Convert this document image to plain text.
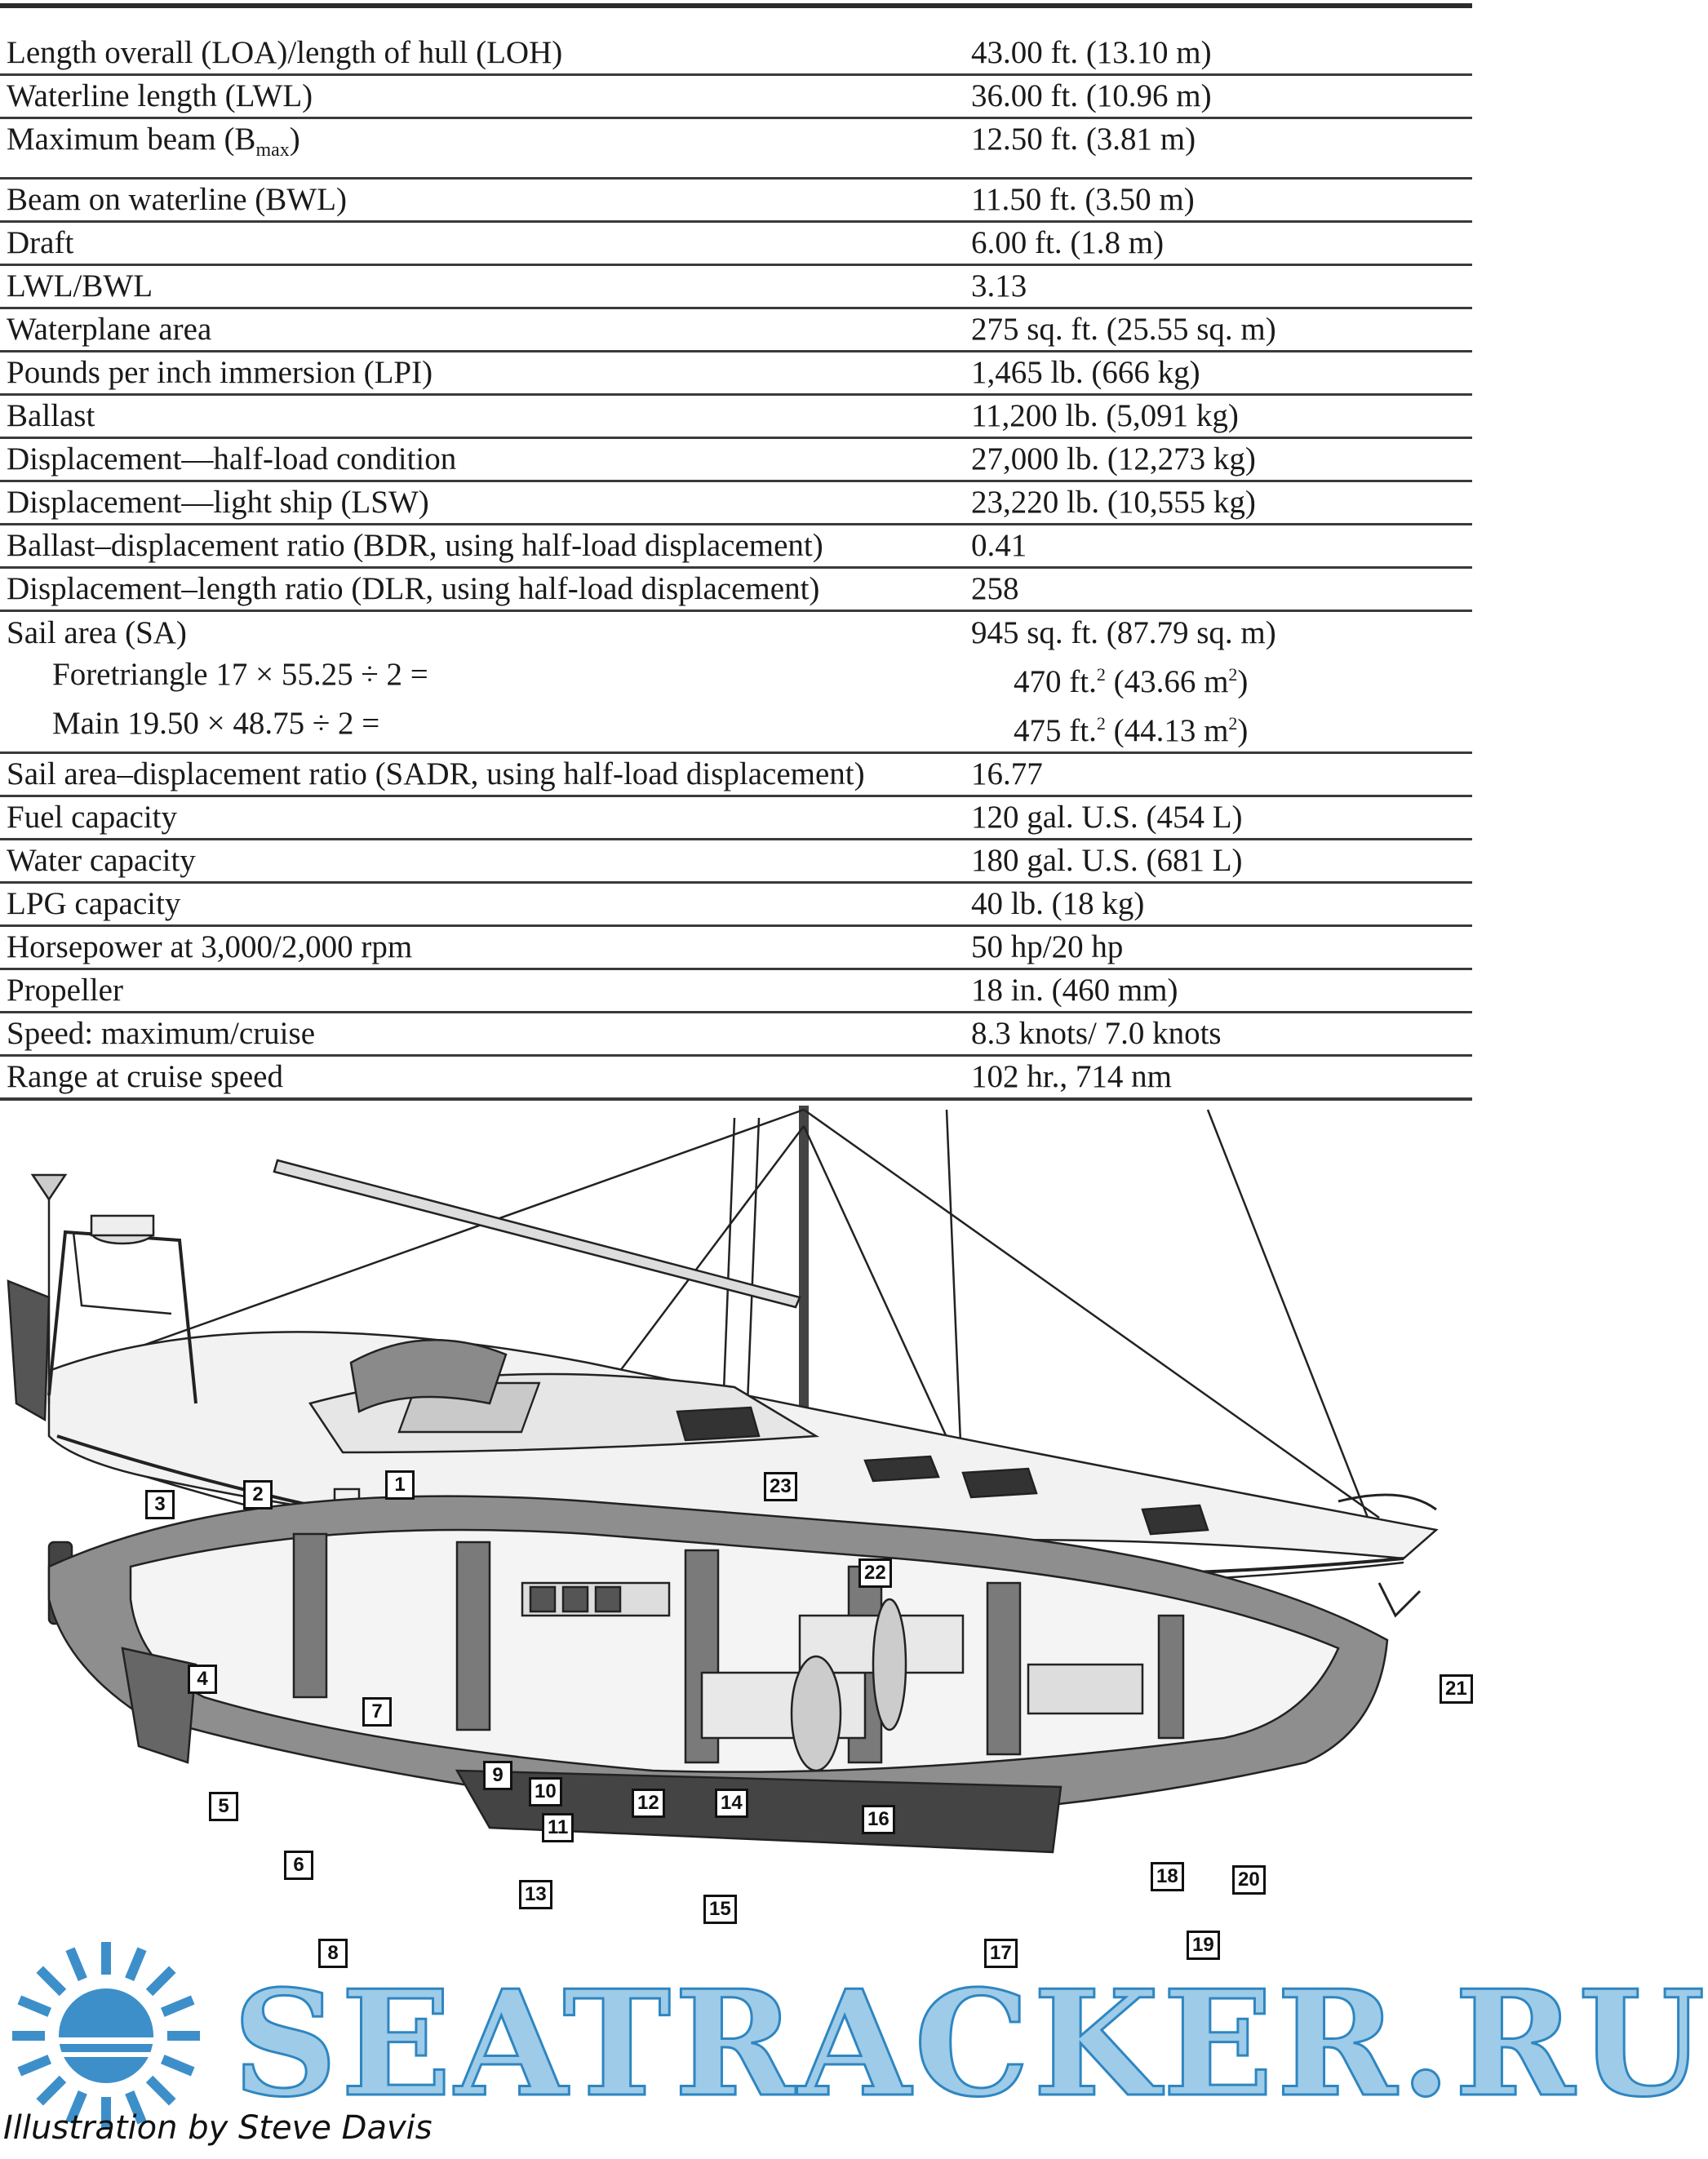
Length overall (LOA)/length of hull (LOH)	43.00 ft. (13.10 m)
Waterline length (LWL)	36.00 ft. (10.96 m)
Maximum beam $(B_{max})$	12.50 ft. (3.81 m)
Beam on waterline (BWL)	11.50 ft. (3.50 m)
Draft	6.00 ft. (1.8 m)
LWL/BWL	3.13
Waterplane area	275 sq. ft. (25.55 sq. m)
Pounds per inch immersion (LPI)	1,465 lb. (666 kg)
Ballast	11,200 lb. (5,091 kg)
Displacement—half-load condition	27,000 lb. (12,273 kg)
Displacement—light ship (LSW)	23,220 lb. (10,555 kg)
Ballast–displacement ratio (BDR, using half-load displacement)	0.41
Displacement–length ratio (DLR, using half-load displacement)	258
Sail area (SA)	945 sq. ft. (87.79 sq. m)
Foretriangle 17 × 55.25 ÷ 2 =	470 ft.$^2$ (43.66 $m^2$)
Main 19.50 × 48.75 ÷ 2 =	475 ft.$^2$ (44.13 $m^2$)
Sail area–displacement ratio (SADR, using half-load displacement)	16.77
Fuel capacity	120 gal. U.S. (454 L)
Water capacity	180 gal. U.S. (681 L)
LPG capacity	40 lb. (18 kg)
Horsepower at 3,000/2,000 rpm	50 hp/20 hp
Propeller	18 in. (460 mm)
Speed: maximum/cruise	8.3 knots/ 7.0 knots
Range at cruise speed	102 hr., 714 nm
1
2
3
4
5
6
7
8
9
10
11
12
13
14
15
16
17
18
19
20
21
22
23
SEATRACKER.RU
Illustration by Steve Davis
